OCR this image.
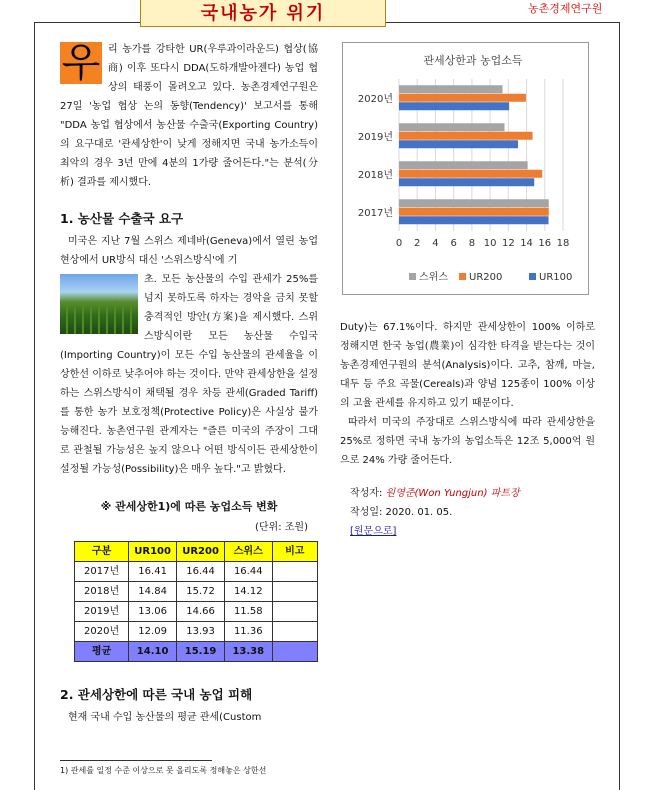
국내농가 위기	농촌경제연구원

우 리 농가를 강타한 UR(우루과이라운드) 협상(協商) 이후 또다시 DDA(도하개발아젠다) 농업 협상의 태풍이 몰려오고 있다. 농촌경제연구원은 27일 '농업 협상 논의 동향(Tendency)' 보고서를 통해 "DDA 농업 협상에서 농산물 수출국(Exporting Country)의 요구대로 '관세상한'이 낮게 정해지면 국내 농가소득이 최악의 경우 3년 만에 4분의 1가량 줄어든다."는 분석(分析) 결과를 제시했다.

1. 농산물 수출국 요구

미국은 지난 7월 스위스 제네바(Geneva)에서 열린 농업 현상에서 UR방식 대신 '스위스방식'에 기

초. 모든 농산물의 수입 관세가 25%를 넘지 못하도록 하자는 경악을 금치 못할 충격적인 방안(方案)을 제시했다. 스위스방식이란 모든 농산물 수입국(Importing Country)이 모든 수입 농산물의 관세율을 이 상한선 이하로 낮추어야 하는 것이다. 만약 관세상한을 설정하는 스위스방식이 채택될 경우 차등 관세(Graded Tariff)를 통한 농가 보호정책(Protective Policy)은 사실상 불가능해진다. 농촌연구원 관계자는 "즐른 미국의 주장이 그대로 관철될 가능성은 높지 않으나 어떤 방식이든 관세상한이 설정될 가능성(Possibility)은 매우 높다."고 밝혔다.

※ 관세상한1)에 따른 농업소득 변화
(단위: 조원)
구분	UR100	UR200	스위스	비고
2017년	16.41	16.44	16.44	
2018년	14.84	15.72	14.12	
2019년	13.06	14.66	11.58	
2020년	12.09	13.93	11.36	
평균	14.10	15.19	13.38	
2. 관세상한에 따른 국내 농업 피해

현재 국내 수입 농산물의 평균 관세(Custom

1) 관세를 일정 수준 이상으로 못 올리도록 정해놓은 상한선
관세상한과 농업소득
0 2 4 6 8 10 12 14 16 18
2017년
2018년
2019년
2020년
스위스 UR200	UR100

Duty)는 67.1%이다. 하지만 관세상한이 100% 이하로 정해지면 한국 농업(農業)이 심각한 타격을 받는다는 것이 농촌경제연구원의 분석(Analysis)이다. 고추, 참깨, 마늘, 대두 등 주요 곡물(Cereals)과 양념 125종이 100% 이상의 고율 관세를 유지하고 있기 때문이다.

따라서 미국의 주장대로 스위스방식에 따라 관세상한을 25%로 정하면 국내 농가의 농업소득은 12조 5,000억 원으로 24% 가량 줄어든다.

작성자: 원영준(Won Yungjun) 파트장

작성일: 2020. 01. 05.

[원문으로]
